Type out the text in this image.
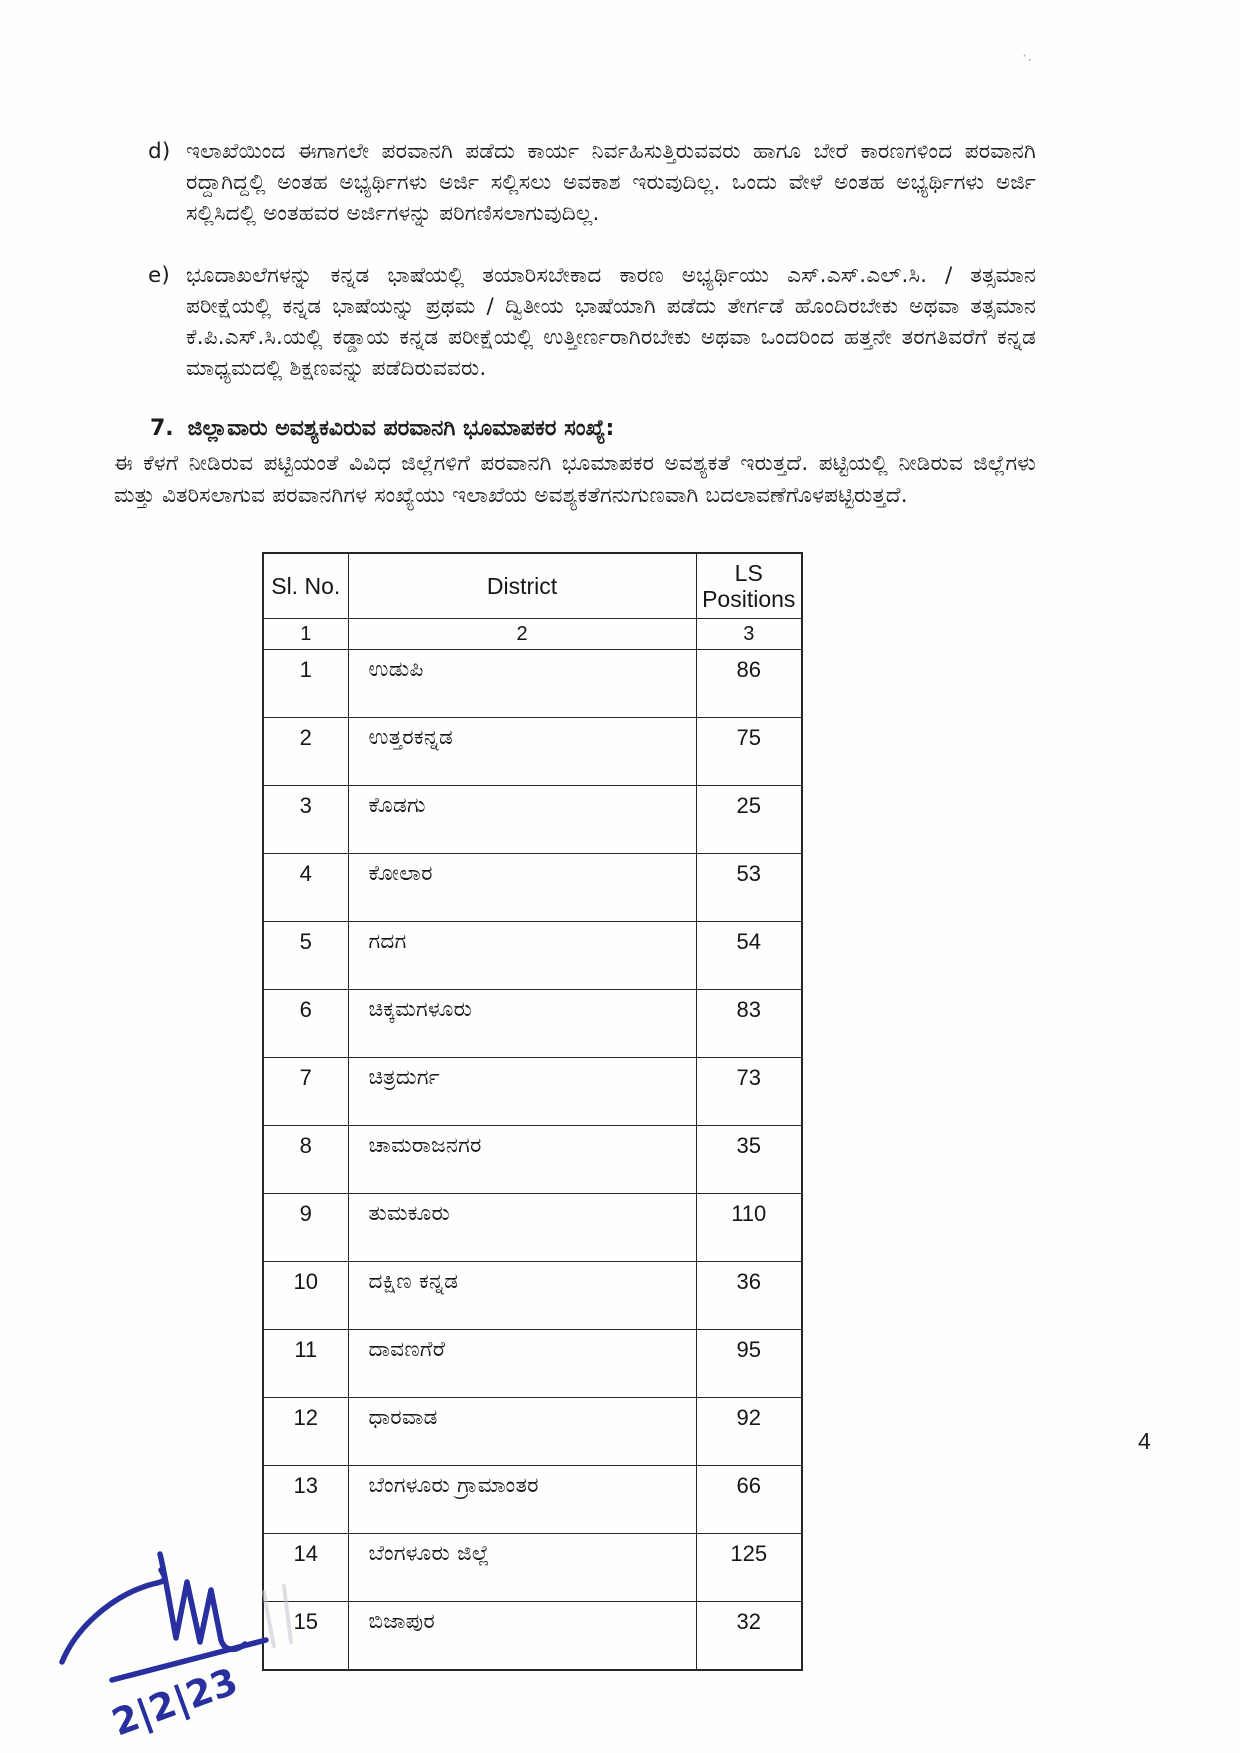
·.
d) ಇಲಾಖೆಯಿಂದ ಈಗಾಗಲೇ ಪರವಾನಗಿ ಪಡೆದು ಕಾರ್ಯ ನಿರ್ವಹಿಸುತ್ತಿರುವವರು ಹಾಗೂ ಬೇರೆ ಕಾರಣಗಳಿಂದ ಪರವಾನಗಿ ರದ್ದಾಗಿದ್ದಲ್ಲಿ ಅಂತಹ ಅಭ್ಯರ್ಥಿಗಳು ಅರ್ಜಿ ಸಲ್ಲಿಸಲು ಅವಕಾಶ ಇರುವುದಿಲ್ಲ. ಒಂದು ವೇಳೆ ಅಂತಹ ಅಭ್ಯರ್ಥಿಗಳು ಅರ್ಜಿ ಸಲ್ಲಿಸಿದಲ್ಲಿ ಅಂತಹವರ ಅರ್ಜಿಗಳನ್ನು ಪರಿಗಣಿಸಲಾಗುವುದಿಲ್ಲ.
e) ಭೂದಾಖಲೆಗಳನ್ನು ಕನ್ನಡ ಭಾಷೆಯಲ್ಲಿ ತಯಾರಿಸಬೇಕಾದ ಕಾರಣ ಅಭ್ಯರ್ಥಿಯು ಎಸ್.ಎಸ್.ಎಲ್.ಸಿ. / ತತ್ಸಮಾನ ಪರೀಕ್ಷೆಯಲ್ಲಿ ಕನ್ನಡ ಭಾಷೆಯನ್ನು ಪ್ರಥಮ / ದ್ವಿತೀಯ ಭಾಷೆಯಾಗಿ ಪಡೆದು ತೇರ್ಗಡೆ ಹೊಂದಿರಬೇಕು ಅಥವಾ ತತ್ಸಮಾನ ಕೆ.ಪಿ.ಎಸ್.ಸಿ.ಯಲ್ಲಿ ಕಡ್ಡಾಯ ಕನ್ನಡ ಪರೀಕ್ಷೆಯಲ್ಲಿ ಉತ್ತೀರ್ಣರಾಗಿರಬೇಕು ಅಥವಾ ಒಂದರಿಂದ ಹತ್ತನೇ ತರಗತಿವರೆಗೆ ಕನ್ನಡ ಮಾಧ್ಯಮದಲ್ಲಿ ಶಿಕ್ಷಣವನ್ನು ಪಡೆದಿರುವವರು.
7. ಜಿಲ್ಲಾವಾರು ಅವಶ್ಯಕವಿರುವ ಪರವಾನಗಿ ಭೂಮಾಪಕರ ಸಂಖ್ಯೆ:
ಈ ಕೆಳಗೆ ನೀಡಿರುವ ಪಟ್ಟಿಯಂತೆ ವಿವಿಧ ಜಿಲ್ಲೆಗಳಿಗೆ ಪರವಾನಗಿ ಭೂಮಾಪಕರ ಅವಶ್ಯಕತೆ ಇರುತ್ತದೆ. ಪಟ್ಟಿಯಲ್ಲಿ ನೀಡಿರುವ ಜಿಲ್ಲೆಗಳು ಮತ್ತು ವಿತರಿಸಲಾಗುವ ಪರವಾನಗಿಗಳ ಸಂಖ್ಯೆಯು ಇಲಾಖೆಯ ಅವಶ್ಯಕತೆಗನುಗುಣವಾಗಿ ಬದಲಾವಣೆಗೊಳಪಟ್ಟಿರುತ್ತದೆ.
Sl. No.	District	LS Positions
1	2	3
1	ಉಡುಪಿ	86
2	ಉತ್ತರಕನ್ನಡ	75
3	ಕೊಡಗು	25
4	ಕೋಲಾರ	53
5	ಗದಗ	54
6	ಚಿಕ್ಕಮಗಳೂರು	83
7	ಚಿತ್ರದುರ್ಗ	73
8	ಚಾಮರಾಜನಗರ	35
9	ತುಮಕೂರು	110
10	ದಕ್ಷಿಣ ಕನ್ನಡ	36
11	ದಾವಣಗೆರೆ	95
12	ಧಾರವಾಡ	92
13	ಬೆಂಗಳೂರು ಗ್ರಾಮಾಂತರ	66
14	ಬೆಂಗಳೂರು ಜಿಲ್ಲೆ	125
15	ಬಿಜಾಪುರ	32
4
2|2|23
